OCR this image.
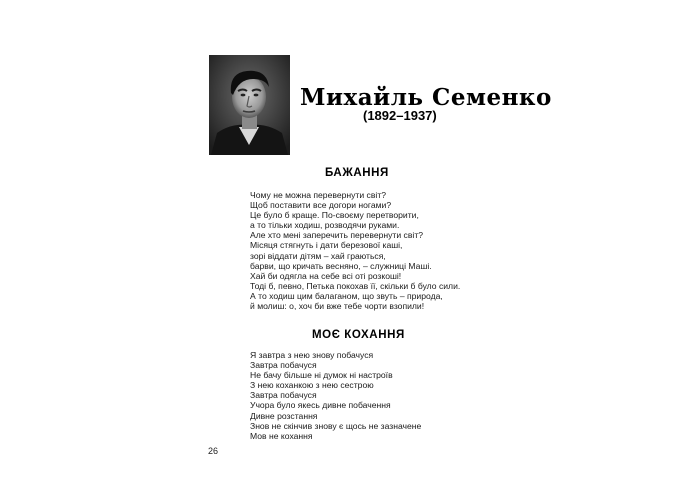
Михайль Семенко
(1892–1937)
БАЖАННЯ
Чому не можна перевернути світ?
Щоб поставити все догори ногами?
Це було б краще. По-своєму перетворити,
а то тільки ходиш, розводячи руками.
Але хто мені заперечить перевернути світ?
Місяця стягнуть і дати березової каші,
зорі віддати дітям – хай граються,
барви, що кричать весняно, – служниці Маші.
Хай би одягла на себе всі оті розкоші!
Тоді б, певно, Петька покохав її, скільки б було сили.
А то ходиш цим балаганом, що звуть – природа,
й молиш: о, хоч би вже тебе чорти взопили!
МОЄ КОХАННЯ
Я завтра з нею знову побачуся
Завтра побачуся
Не бачу більше ні думок ні настроїв
З нею коханкою з нею сестрою
Завтра побачуся
Учора було якесь дивне побачення
Дивне розстання
Знов не скінчив знову є щось не зазначене
Мов не кохання
26
